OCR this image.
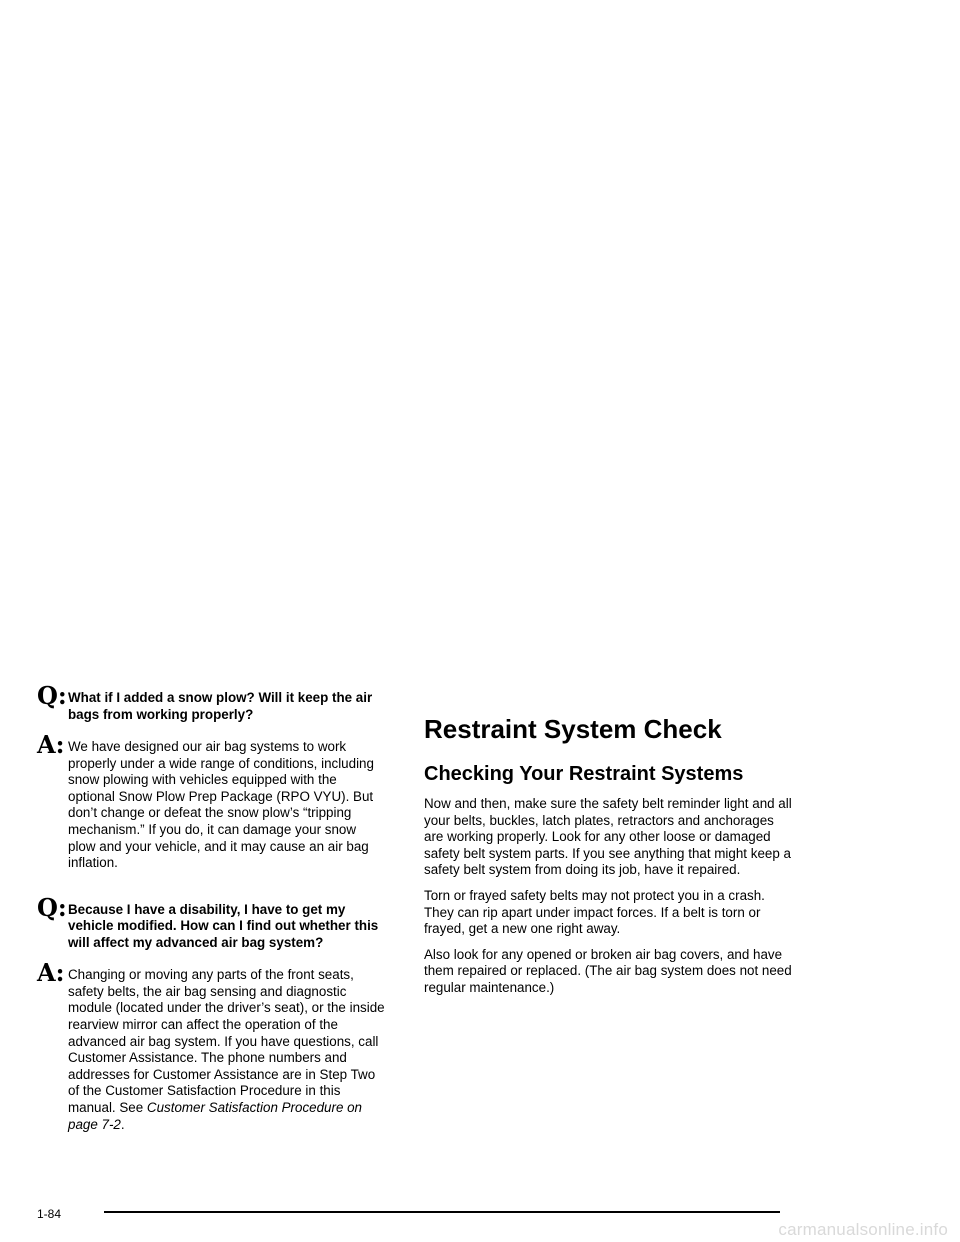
Q: What if I added a snow plow? Will it keep the air bags from working properly?
A: We have designed our air bag systems to work properly under a wide range of conditions, including snow plowing with vehicles equipped with the optional Snow Plow Prep Package (RPO VYU). But don’t change or defeat the snow plow’s “tripping mechanism.” If you do, it can damage your snow plow and your vehicle, and it may cause an air bag inflation.
Q: Because I have a disability, I have to get my vehicle modified. How can I find out whether this will affect my advanced air bag system?
A: Changing or moving any parts of the front seats, safety belts, the air bag sensing and diagnostic module (located under the driver’s seat), or the inside rearview mirror can affect the operation of the advanced air bag system. If you have questions, call Customer Assistance. The phone numbers and addresses for Customer Assistance are in Step Two of the Customer Satisfaction Procedure in this manual. See Customer Satisfaction Procedure on page 7-2.
Restraint System Check
Checking Your Restraint Systems

Now and then, make sure the safety belt reminder light and all your belts, buckles, latch plates, retractors and anchorages are working properly. Look for any other loose or damaged safety belt system parts. If you see anything that might keep a safety belt system from doing its job, have it repaired.

Torn or frayed safety belts may not protect you in a crash. They can rip apart under impact forces. If a belt is torn or frayed, get a new one right away.

Also look for any opened or broken air bag covers, and have them repaired or replaced. (The air bag system does not need regular maintenance.)

1-84
carmanualsonline.info
